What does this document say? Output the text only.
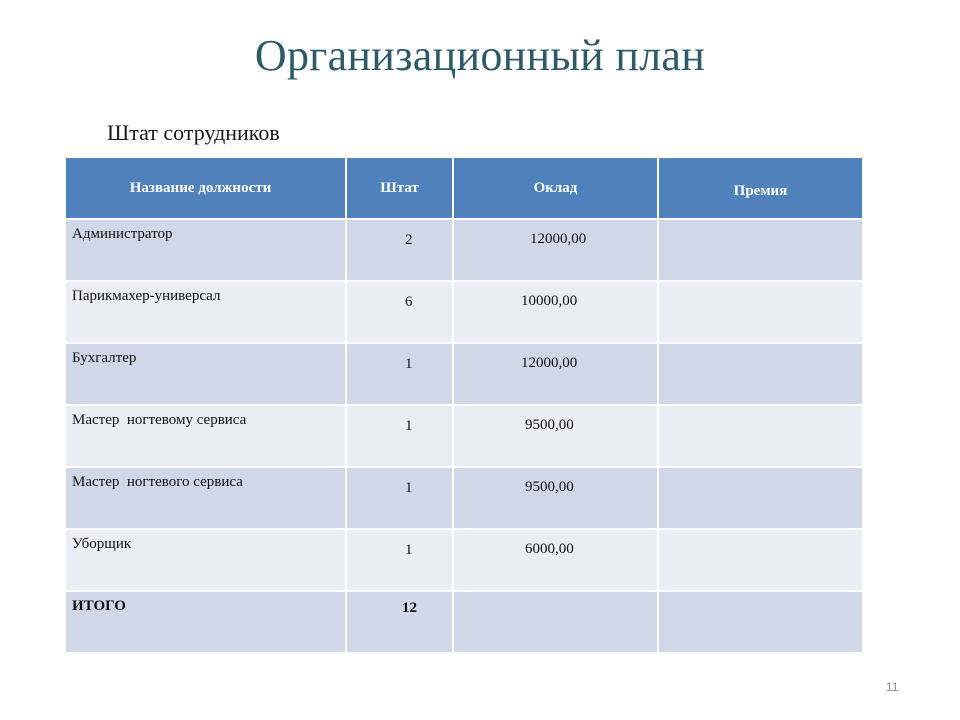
Организационный план
Штат сотрудников
Название должности	Штат	Оклад	Премия

Администратор	2	12000,00	

Парикмахер-универсал	6	10000,00	

Бухгалтер	1	12000,00	

Мастер  ногтевому сервиса	1	9500,00	

Мастер  ногтевого сервиса	1	9500,00	

Уборщик	1	6000,00	

ИТОГО	12		

11
